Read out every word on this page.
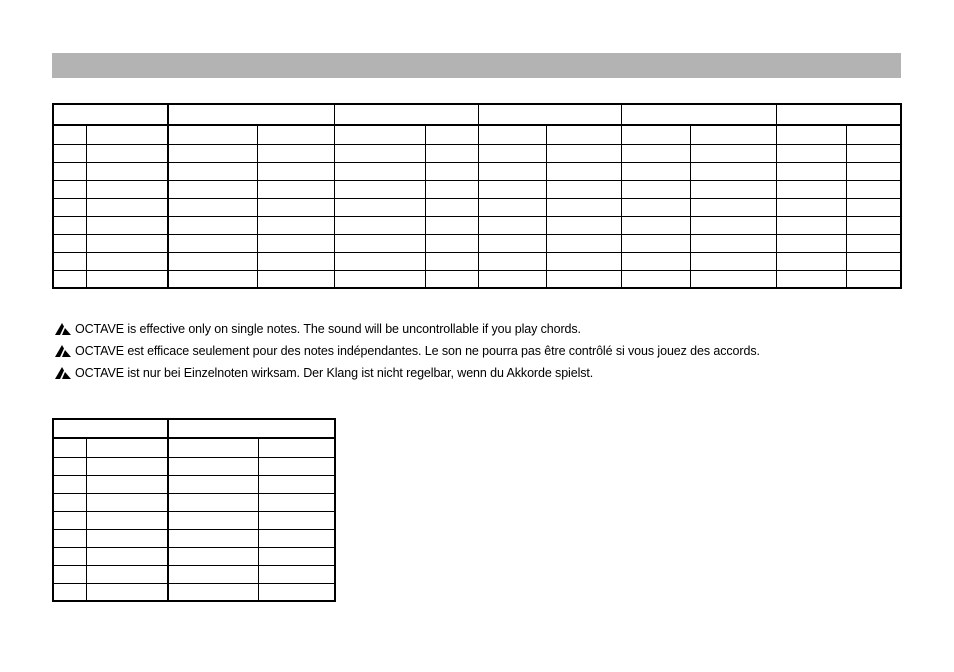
OCTAVE is effective only on single notes. The sound will be uncontrollable if you play chords.
OCTAVE est efficace seulement pour des notes indépendantes. Le son ne pourra pas être contrôlé si vous jouez des accords.
OCTAVE ist nur bei Einzelnoten wirksam. Der Klang ist nicht regelbar, wenn du Akkorde spielst.
